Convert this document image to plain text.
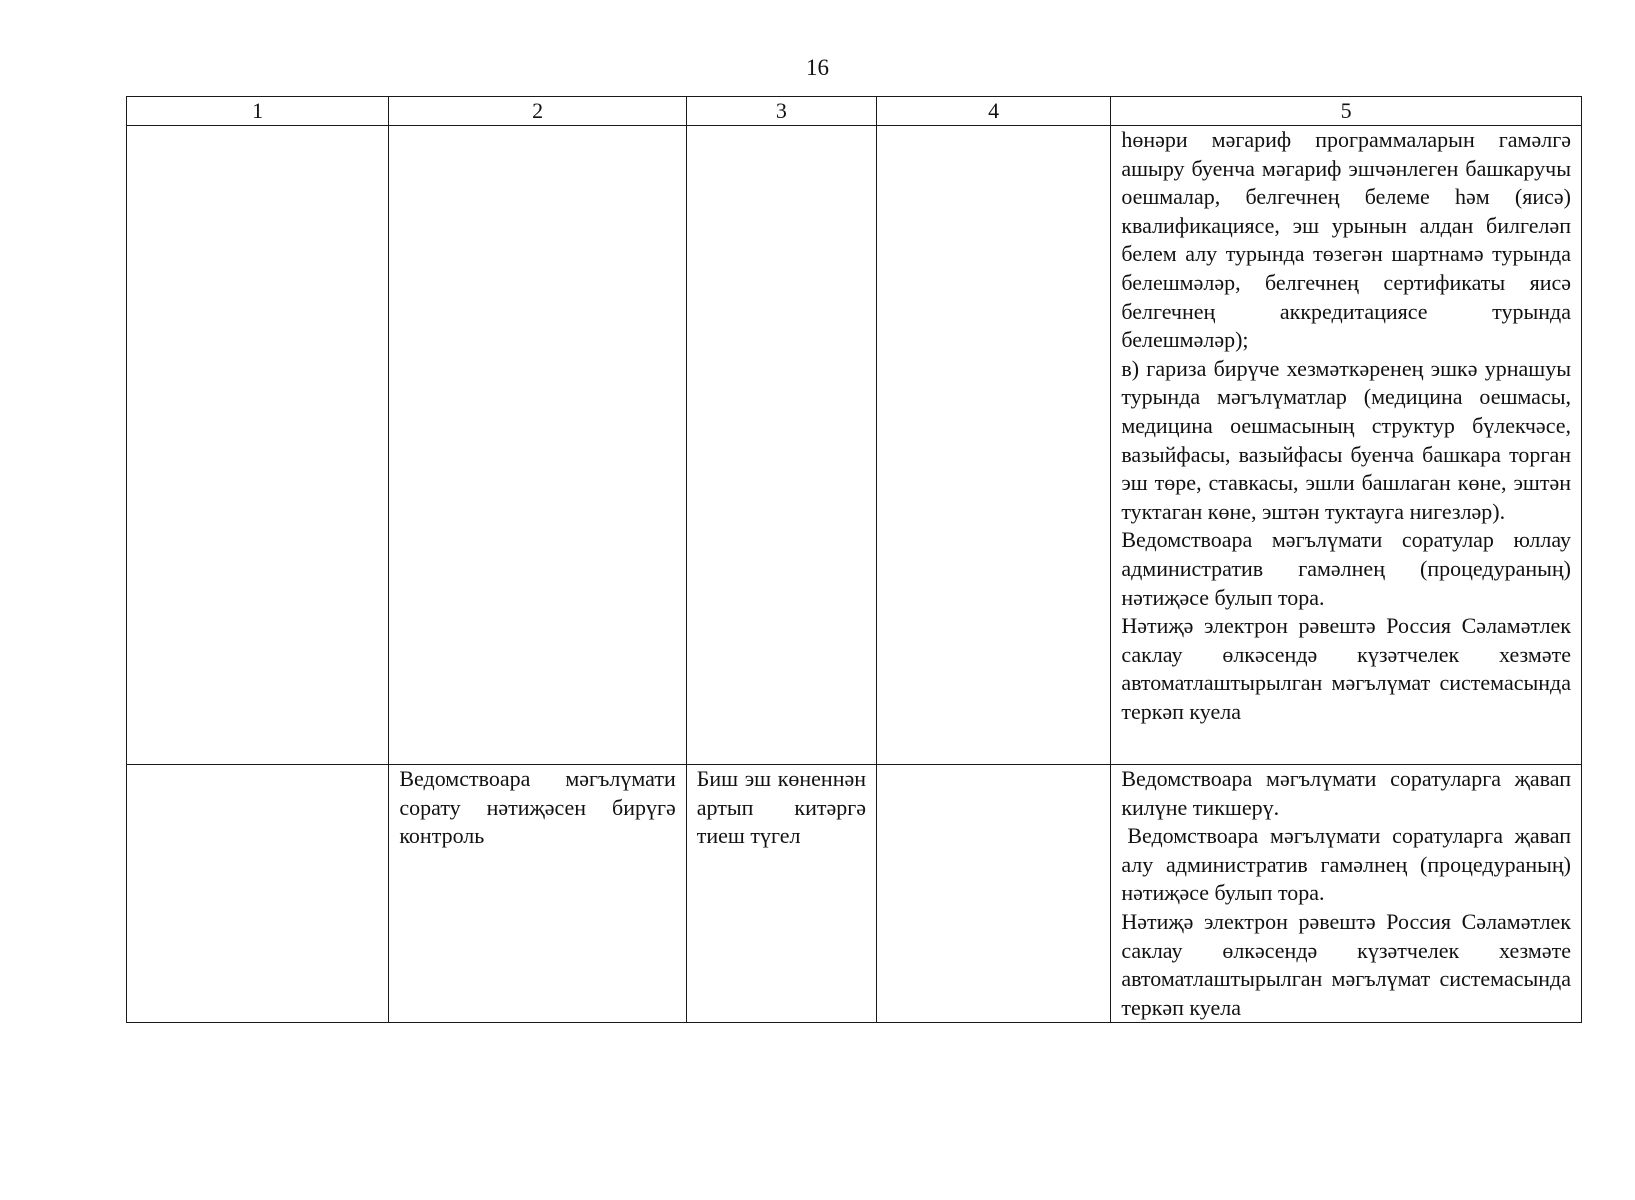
16
1	2	3	4	5

				һөнәри мәгариф программаларын гамәлгә ашыру буенча мәгариф эшчәнлеген башкаручы оешмалар, белгечнең белеме һәм (яисә) квалификациясе, эш урынын алдан билгеләп белем алу турында төзегән шартнамә турында белешмәләр, белгечнең сертификаты яисә белгечнең аккредитациясе турында белешмәләр);
в) гариза бирүче хезмәткәренең эшкә урнашуы турында мәгълүматлар (медицина оешмасы, медицина оешмасының структур бүлекчәсе, вазыйфасы, вазыйфасы буенча башкара торган эш төре, ставкасы, эшли башлаган көне, эштән туктаган көне, эштән туктауга нигезләр).
Ведомствоара мәгълүмати соратулар юллау административ гамәлнең (процедураның) нәтиҗәсе булып тора.
Нәтиҗә электрон рәвештә Россия Сәламәтлек саклау өлкәсендә күзәтчелек хезмәте автоматлаштырылган мәгълүмат системасында теркәп куела

	Ведомствоара мәгълүмати сорату нәтиҗәсен бирүгә контроль	Биш эш көненнән артып китәргә тиеш түгел		Ведомствоара мәгълүмати соратуларга җавап килүне тикшерү.
Ведомствоара мәгълүмати соратуларга җавап алу административ гамәлнең (процедураның) нәтиҗәсе булып тора.
Нәтиҗә электрон рәвештә Россия Сәламәтлек саклау өлкәсендә күзәтчелек хезмәте автоматлаштырылган мәгълүмат системасында теркәп куела
